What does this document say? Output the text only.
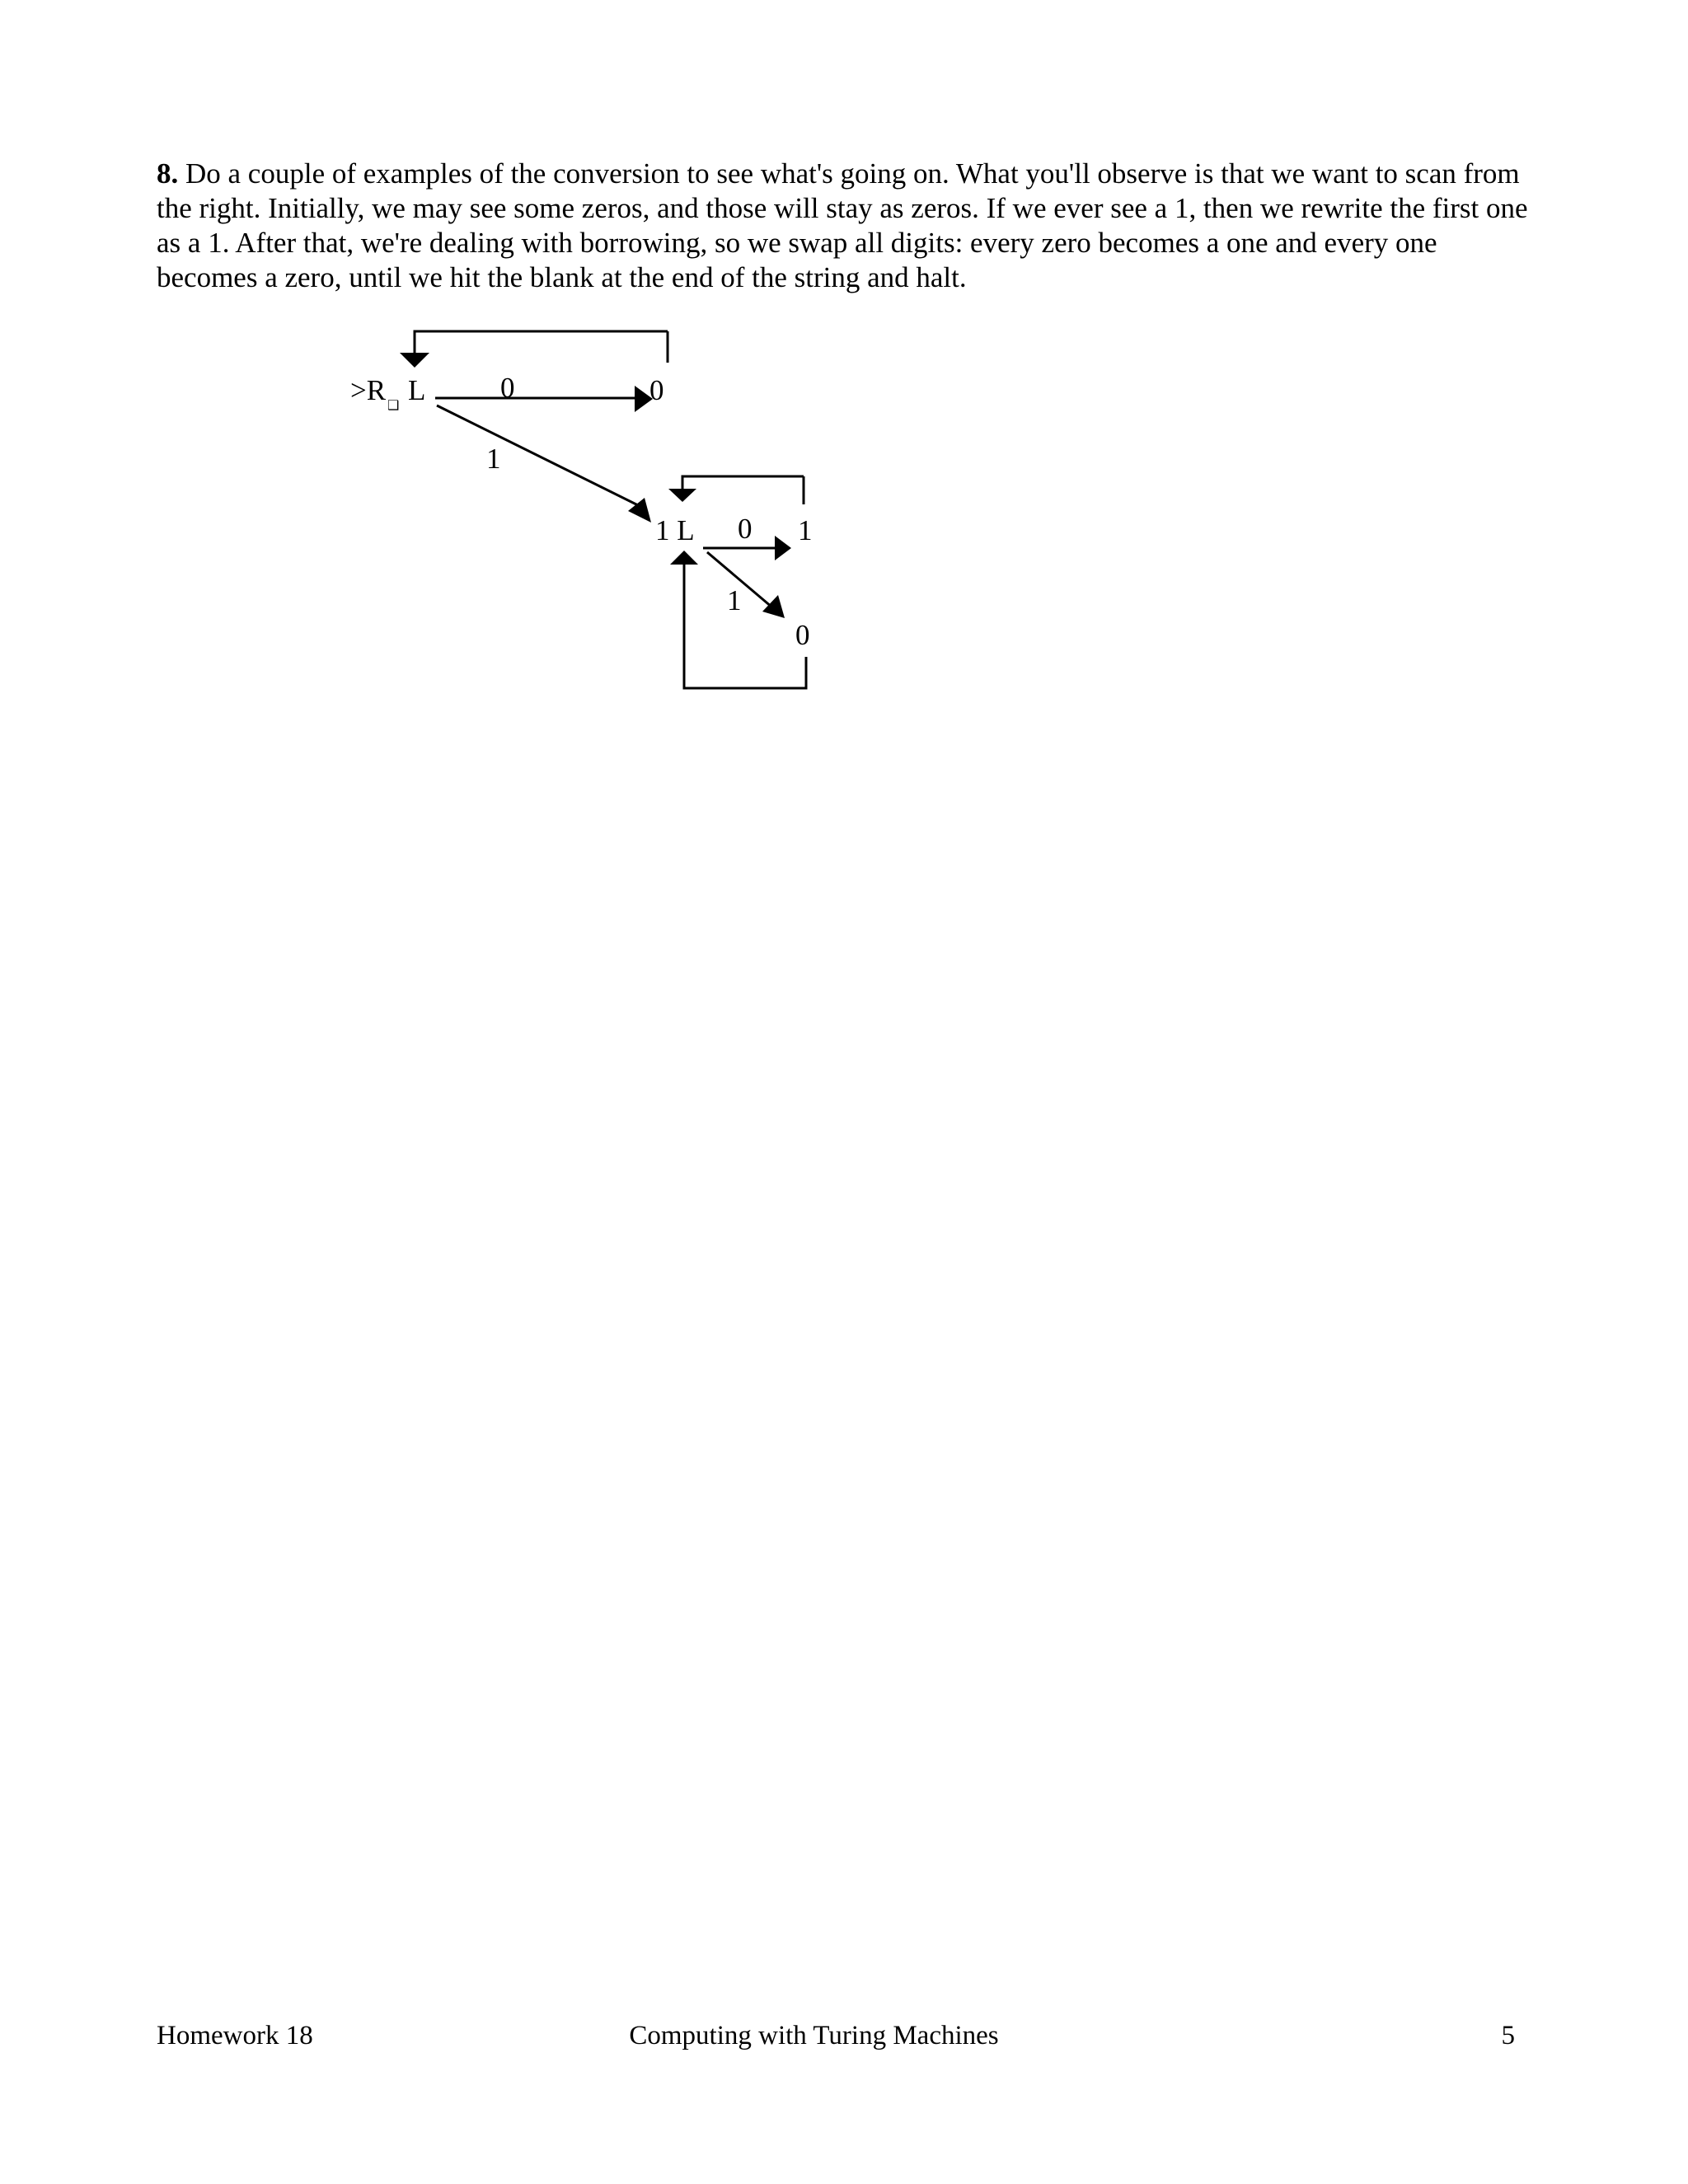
8. Do a couple of examples of the conversion to see what's going on. What you'll observe is that we want to scan from the right. Initially, we may see some zeros, and those will stay as zeros. If we ever see a 1, then we rewrite the first one as a 1. After that, we're dealing with borrowing, so we swap all digits: every zero becomes a one and every one becomes a zero, until we hit the blank at the end of the string and halt.

>R ❑ L	0	0
1
1 L 0 1
1
0
Homework 18	Computing with Turing Machines	5
